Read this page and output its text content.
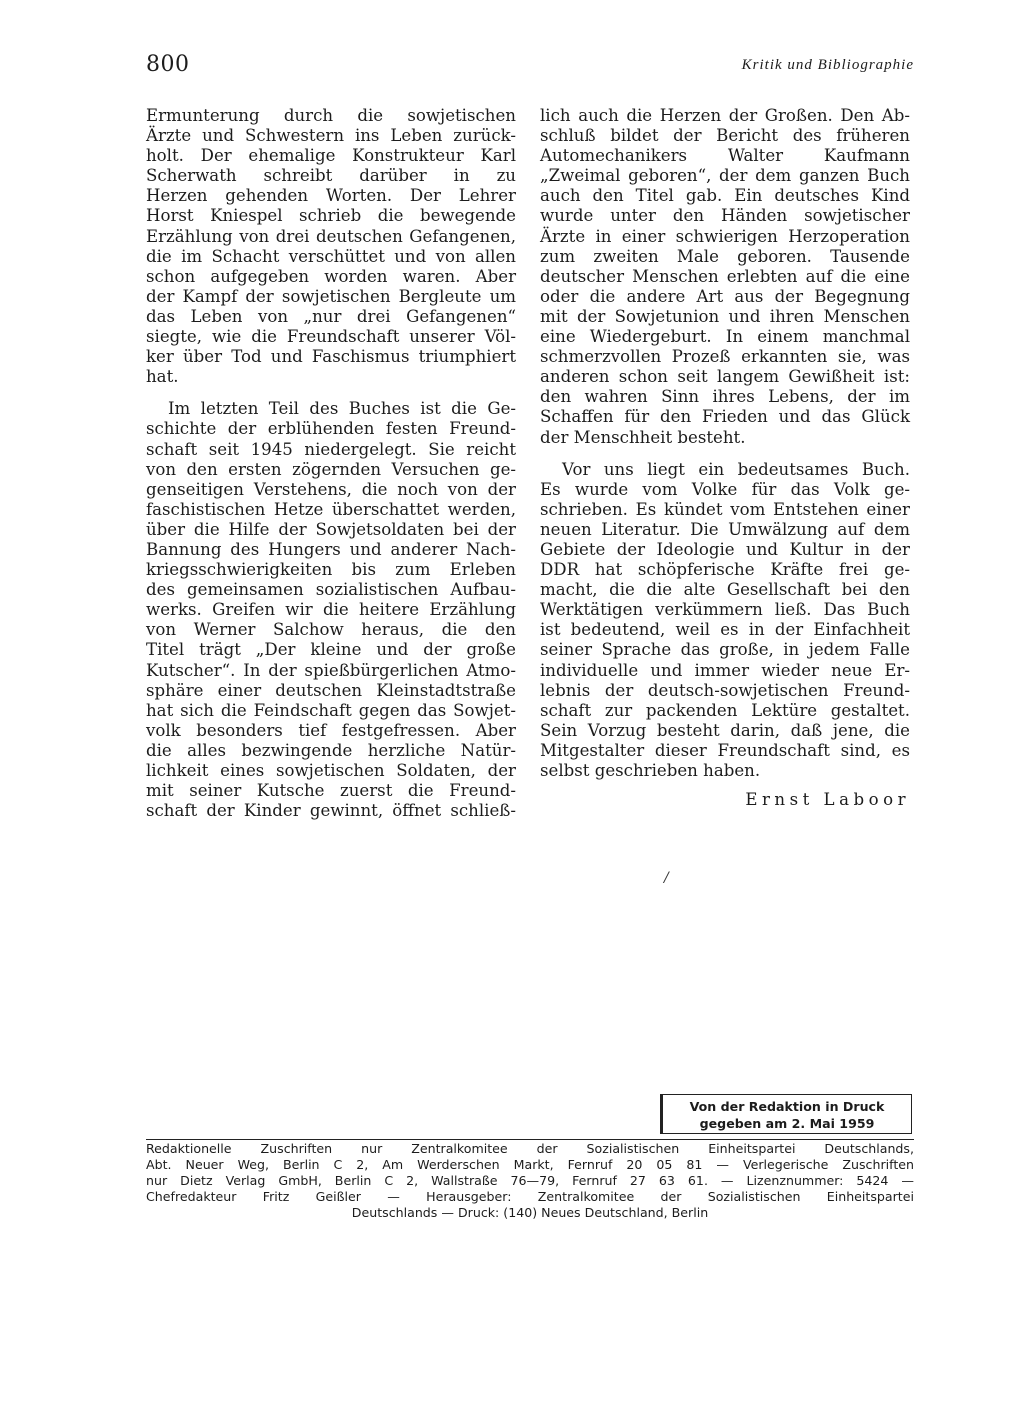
800	Kritik und Bibliographie
Ermunterung durch die sowjetischen
Ärzte und Schwestern ins Leben zurück-
holt. Der ehemalige Konstrukteur Karl
Scherwath schreibt darüber in zu
Herzen gehenden Worten. Der Lehrer
Horst Kniespel schrieb die bewegende
Erzählung von drei deutschen Gefangenen,
die im Schacht verschüttet und von allen
schon aufgegeben worden waren. Aber
der Kampf der sowjetischen Bergleute um
das Leben von „nur drei Gefangenen“
siegte, wie die Freundschaft unserer Völ-
ker über Tod und Faschismus triumphiert
hat.
Im letzten Teil des Buches ist die Ge-
schichte der erblühenden festen Freund-
schaft seit 1945 niedergelegt. Sie reicht
von den ersten zögernden Versuchen ge-
genseitigen Verstehens, die noch von der
faschistischen Hetze überschattet werden,
über die Hilfe der Sowjetsoldaten bei der
Bannung des Hungers und anderer Nach-
kriegsschwierigkeiten bis zum Erleben
des gemeinsamen sozialistischen Aufbau-
werks. Greifen wir die heitere Erzählung
von Werner Salchow heraus, die den
Titel trägt „Der kleine und der große
Kutscher“. In der spießbürgerlichen Atmo-
sphäre einer deutschen Kleinstadtstraße
hat sich die Feindschaft gegen das Sowjet-
volk besonders tief festgefressen. Aber
die alles bezwingende herzliche Natür-
lichkeit eines sowjetischen Soldaten, der
mit seiner Kutsche zuerst die Freund-
schaft der Kinder gewinnt, öffnet schließ-
lich auch die Herzen der Großen. Den Ab-
schluß bildet der Bericht des früheren
Automechanikers Walter Kaufmann
„Zweimal geboren“, der dem ganzen Buch
auch den Titel gab. Ein deutsches Kind
wurde unter den Händen sowjetischer
Ärzte in einer schwierigen Herzoperation
zum zweiten Male geboren. Tausende
deutscher Menschen erlebten auf die eine
oder die andere Art aus der Begegnung
mit der Sowjetunion und ihren Menschen
eine Wiedergeburt. In einem manchmal
schmerzvollen Prozeß erkannten sie, was
anderen schon seit langem Gewißheit ist:
den wahren Sinn ihres Lebens, der im
Schaffen für den Frieden und das Glück
der Menschheit besteht.
Vor uns liegt ein bedeutsames Buch.
Es wurde vom Volke für das Volk ge-
schrieben. Es kündet vom Entstehen einer
neuen Literatur. Die Umwälzung auf dem
Gebiete der Ideologie und Kultur in der
DDR hat schöpferische Kräfte frei ge-
macht, die die alte Gesellschaft bei den
Werktätigen verkümmern ließ. Das Buch
ist bedeutend, weil es in der Einfachheit
seiner Sprache das große, in jedem Falle
individuelle und immer wieder neue Er-
lebnis der deutsch-sowjetischen Freund-
schaft zur packenden Lektüre gestaltet.
Sein Vorzug besteht darin, daß jene, die
Mitgestalter dieser Freundschaft sind, es
selbst geschrieben haben.
Ernst Laboor
/
Von der Redaktion in Druck
gegeben am 2. Mai 1959
Redaktionelle Zuschriften nur Zentralkomitee der Sozialistischen Einheitspartei Deutschlands,
Abt. Neuer Weg, Berlin C 2, Am Werderschen Markt, Fernruf 20 05 81 — Verlegerische Zuschriften
nur Dietz Verlag GmbH, Berlin C 2, Wallstraße 76—79, Fernruf 27 63 61. — Lizenznummer: 5424 —
Chefredakteur Fritz Geißler — Herausgeber: Zentralkomitee der Sozialistischen Einheitspartei
Deutschlands — Druck: (140) Neues Deutschland, Berlin
